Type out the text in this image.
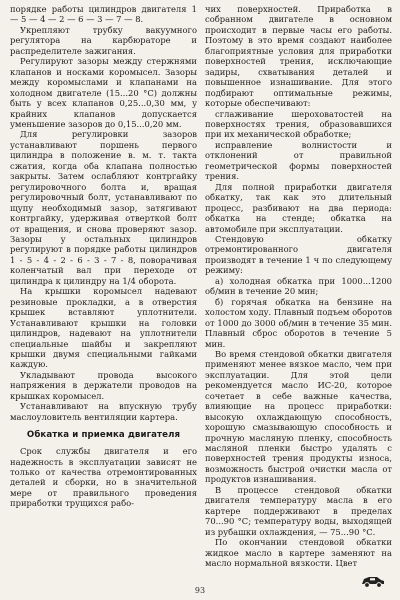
порядке работы цилиндров двигателя 1 — 5 — 4 — 2 — 6 — 3 — 7 — 8.

Укрепляют трубку вакуумного регулятора на карбюраторе и распределителе зажигания.

Регулируют зазоры между стержнями клапанов и носками коромысел. Зазоры между коромыслами и клапанами на холодном двигателе (15...20 °С) должны быть у всех клапанов 0,25...0,30 мм, у крайних клапанов допускается уменьшение зазоров до 0,15...0,20 мм.

Для регулировки зазоров устанавливают поршень первого цилиндра в положение в. м. т. такта сжатия, когда оба клапана полностью закрыты. Затем ослабляют контргайку регулировочного болта и, вращая регулировочный болт, устанавливают по щупу необходимый зазор, затягивают контргайку, удерживая отверткой болт от вращения, и снова проверяют зазор. Зазоры у остальных цилиндров регулируют в порядке работы цилиндров 1 - 5 - 4 - 2 - 6 - 3 - 7 - 8, поворачивая коленчатый вал при переходе от цилиндра к цилиндру на 1/4 оборота.

На крышки коромысел надевают резиновые прокладки, а в отверстия крышек вставляют уплотнители. Устанавливают крышки на головки цилиндров, надевают на уплотнители специальные шайбы и закрепляют крышки двумя специальными гайками каждую.

Укладывают провода высокого напряжения в держатели проводов на крышках коромысел.

Устанавливают на впускную трубу маслоуловитель вентиляции картера.

Обкатка и приемка двигателя

Срок службы двигателя и его надежность в эксплуатации зависят не только от качества отремонтированных деталей и сборки, но в значительной мере от правильного проведения приработки трущихся рабо-

чих поверхностей. Приработка в собранном двигателе в основном происходит в первые часы его работы. Поэтому в это время создают наиболее благоприятные условия для приработки поверхностей трения, исключающие задиры, схватывания деталей и повышенное изнашивание. Для этого подбирают оптимальные режимы, которые обеспечивают:

сглаживание шероховатостей на поверхностях трения, образовавшихся при их механической обработке;

исправление волнистости и отклонений от правильной геометрической формы поверхностей трения.

Для полной приработки двигателя обкатку, так как это длительный процесс, разбивают на два периода: обкатка на стенде; обкатка на автомобиле при эксплуатации.

Стендовую обкатку отремонтированного двигателя производят в течение 1 ч по следующему режиму:

а) холодная обкатка при 1000...1200 об/мин в течение 20 мин;

б) горячая обкатка на бензине на холостом ходу. Плавный подъем оборотов от 1000 до 3000 об/мин в течение 35 мин. Плавный сброс оборотов в течение 5 мин.

Во время стендовой обкатки двигателя применяют менее вязкое масло, чем при эксплуатации. Для этой цели рекомендуется масло ИС-20, которое сочетает в себе важные качества, влияющие на процесс приработки: высокую охлаждающую способность, хорошую смазывающую способность и прочную масляную пленку, способность масляной пленки быстро удалять с поверхностей трения продукты износа, возможность быстрой очистки масла от продуктов изнашивания.

В процессе стендовой обкатки двигателя температуру масла в его картере поддерживают в пределах 70...90 °С; температуру воды, выходящей из рубашки охлаждения, — 75...90 °С.

По окончании стендовой обкатки жидкое масло в картере заменяют на масло нормальной вязкости. Цвет

93
